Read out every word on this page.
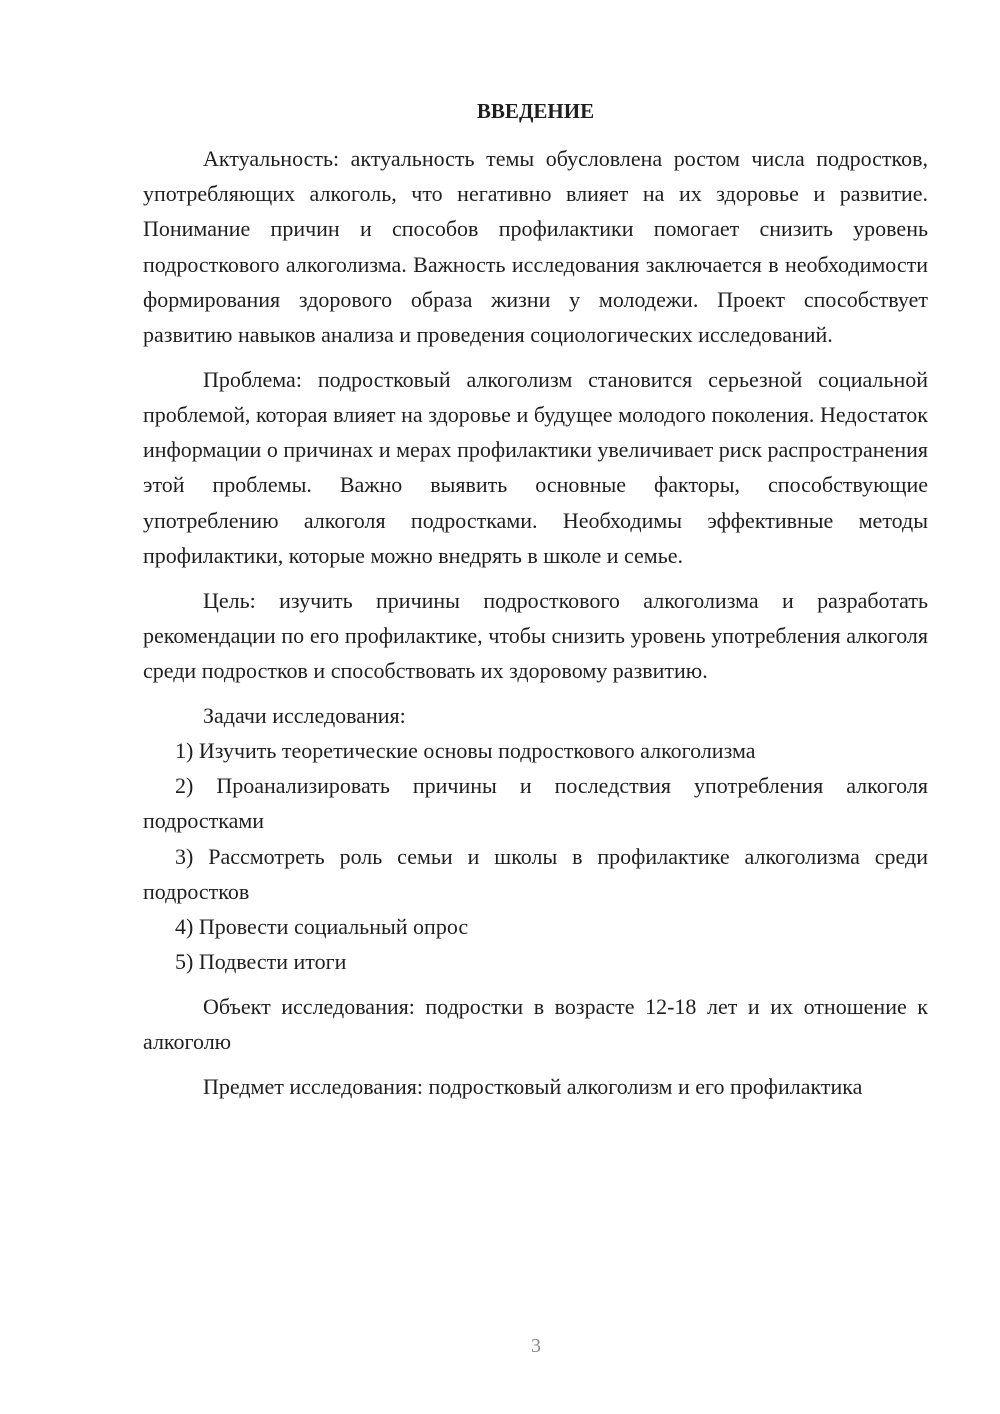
ВВЕДЕНИЕ

Актуальность: актуальность темы обусловлена ростом числа подростков, употребляющих алкоголь, что негативно влияет на их здоровье и развитие. Понимание причин и способов профилактики помогает снизить уровень подросткового алкоголизма. Важность исследования заключается в необходимости формирования здорового образа жизни у молодежи. Проект способствует развитию навыков анализа и проведения социологических исследований.

Проблема: подростковый алкоголизм становится серьезной социальной проблемой, которая влияет на здоровье и будущее молодого поколения. Недостаток информации о причинах и мерах профилактики увеличивает риск распространения этой проблемы. Важно выявить основные факторы, способствующие употреблению алкоголя подростками. Необходимы эффективные методы профилактики, которые можно внедрять в школе и семье.

Цель: изучить причины подросткового алкоголизма и разработать рекомендации по его профилактике, чтобы снизить уровень употребления алкоголя среди подростков и способствовать их здоровому развитию.

Задачи исследования:

1) Изучить теоретические основы подросткового алкоголизма

2) Проанализировать причины и последствия употребления алкоголя подростками

3) Рассмотреть роль семьи и школы в профилактике алкоголизма среди подростков

4) Провести социальный опрос

5) Подвести итоги

Объект исследования: подростки в возрасте 12-18 лет и их отношение к алкоголю

Предмет исследования: подростковый алкоголизм и его профилактика

3
